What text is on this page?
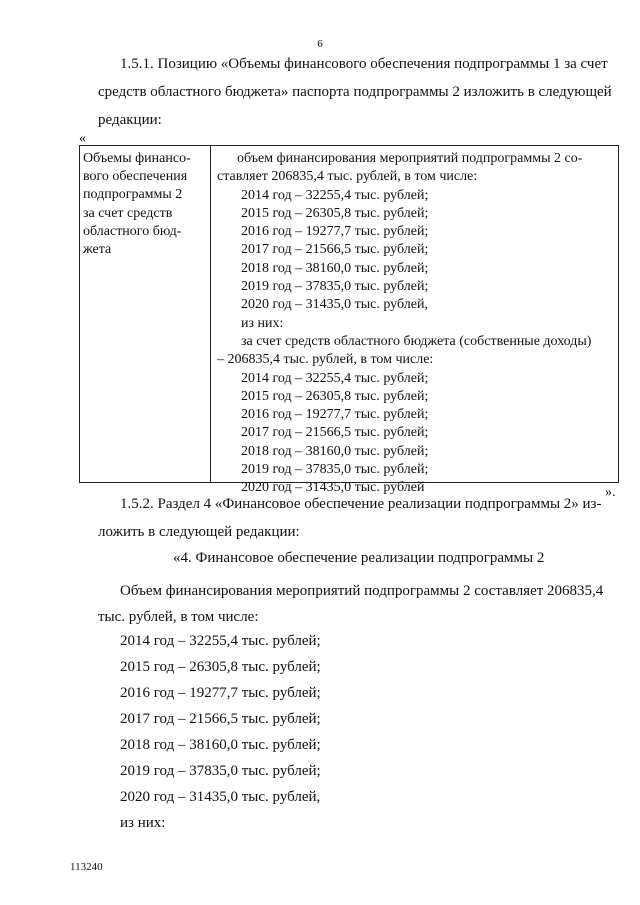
6
1.5.1. Позицию «Объемы финансового обеспечения подпрограммы 1 за счет
средств областного бюджета» паспорта подпрограммы 2 изложить в следующей
редакции:
«
Объемы финансо-
вого обеспечения
подпрограммы 2
за счет средств
областного бюд-
жета
объем финансирования мероприятий подпрограммы 2 со-
ставляет 206835,4 тыс. рублей, в том числе:
2014 год – 32255,4 тыс. рублей;
2015 год – 26305,8 тыс. рублей;
2016 год – 19277,7 тыс. рублей;
2017 год – 21566,5 тыс. рублей;
2018 год – 38160,0 тыс. рублей;
2019 год – 37835,0 тыс. рублей;
2020 год – 31435,0 тыс. рублей,
из них:
за счет средств областного бюджета (собственные доходы)
– 206835,4 тыс. рублей, в том числе:
2014 год – 32255,4 тыс. рублей;
2015 год – 26305,8 тыс. рублей;
2016 год – 19277,7 тыс. рублей;
2017 год – 21566,5 тыс. рублей;
2018 год – 38160,0 тыс. рублей;
2019 год – 37835,0 тыс. рублей;
2020 год – 31435,0 тыс. рублей	».
1.5.2. Раздел 4 «Финансовое обеспечение реализации подпрограммы 2» из-
ложить в следующей редакции:
«4. Финансовое обеспечение реализации подпрограммы 2
Объем финансирования мероприятий подпрограммы 2 составляет 206835,4
тыс. рублей, в том числе:
2014 год – 32255,4 тыс. рублей;
2015 год – 26305,8 тыс. рублей;
2016 год – 19277,7 тыс. рублей;
2017 год – 21566,5 тыс. рублей;
2018 год – 38160,0 тыс. рублей;
2019 год – 37835,0 тыс. рублей;
2020 год – 31435,0 тыс. рублей,
из них:
113240
